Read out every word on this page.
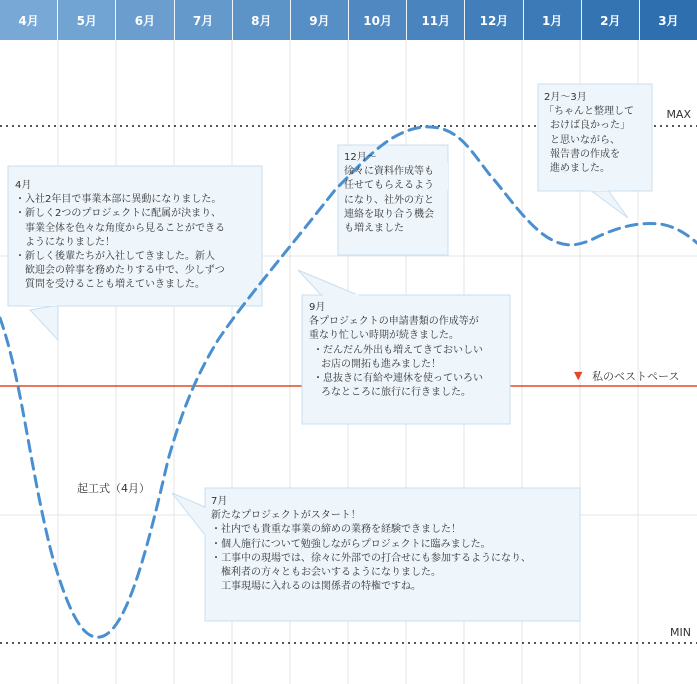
4月	5月	6月	7月	8月	9月	10月	11月	12月	1月	2月	3月
MAX
MIN
▼ 私のベストペース
起工式（4月）
4月
・入社2年目で事業本部に異動になりました。
・新しく2つのプロジェクトに配属が決まり、
　事業全体を色々な角度から見ることができる
　ようになりました！
・新しく後輩たちが入社してきました。新人
　歓迎会の幹事を務めたりする中で、少しずつ
　質問を受けることも増えていきました。
12月～
徐々に資料作成等も
任せてもらえるよう
になり、社外の方と
連絡を取り合う機会
も増えました
2月～3月
「ちゃんと整理して
おけば良かった」
と思いながら、
報告書の作成を
進めました。
9月
各プロジェクトの申請書類の作成等が
重なり忙しい時期が続きました。
・だんだん外出も増えてきておいしい
お店の開拓も進みました！
・息抜きに有給や連休を使っていろい
ろなところに旅行に行きました。
7月
新たなプロジェクトがスタート！
・社内でも貴重な事業の締めの業務を経験できました！
・個人施行について勉強しながらプロジェクトに臨みました。
・工事中の現場では、徐々に外部での打合せにも参加するようになり、
　権利者の方々ともお会いするようになりました。
　工事現場に入れるのは関係者の特権ですね。
